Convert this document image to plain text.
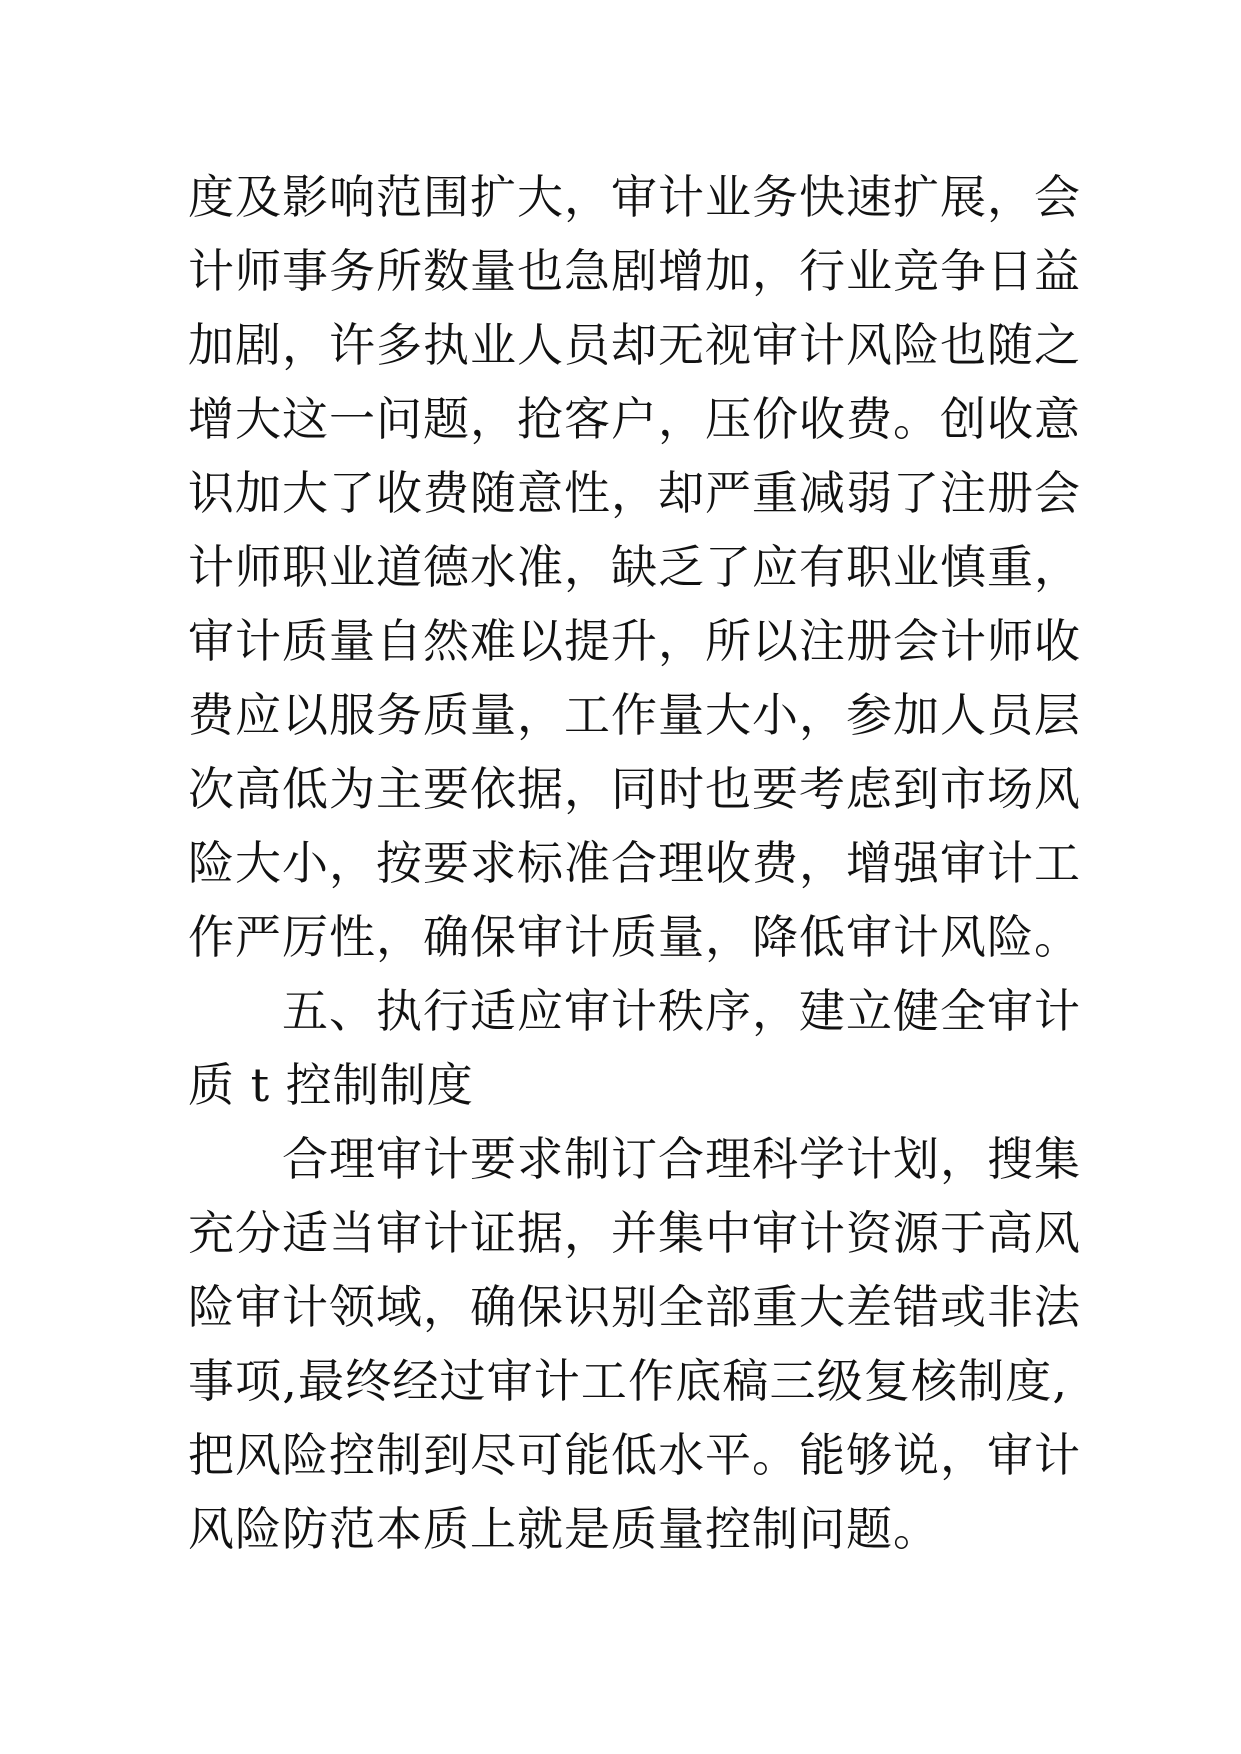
度及影响范围扩大，审计业务快速扩展，会
计师事务所数量也急剧增加，行业竞争日益
加剧，许多执业人员却无视审计风险也随之
增大这一问题，抢客户，压价收费。创收意
识加大了收费随意性，却严重减弱了注册会
计师职业道德水准，缺乏了应有职业慎重，
审计质量自然难以提升，所以注册会计师收
费应以服务质量，工作量大小，参加人员层
次高低为主要依据，同时也要考虑到市场风
险大小，按要求标准合理收费，增强审计工
作严厉性，确保审计质量，降低审计风险。
五、执行适应审计秩序，建立健全审计
质 t 控制制度
合理审计要求制订合理科学计划，搜集
充分适当审计证据，并集中审计资源于高风
险审计领域，确保识别全部重大差错或非法
事项,最终经过审计工作底稿三级复核制度,
把风险控制到尽可能低水平。能够说，审计
风险防范本质上就是质量控制问题。
